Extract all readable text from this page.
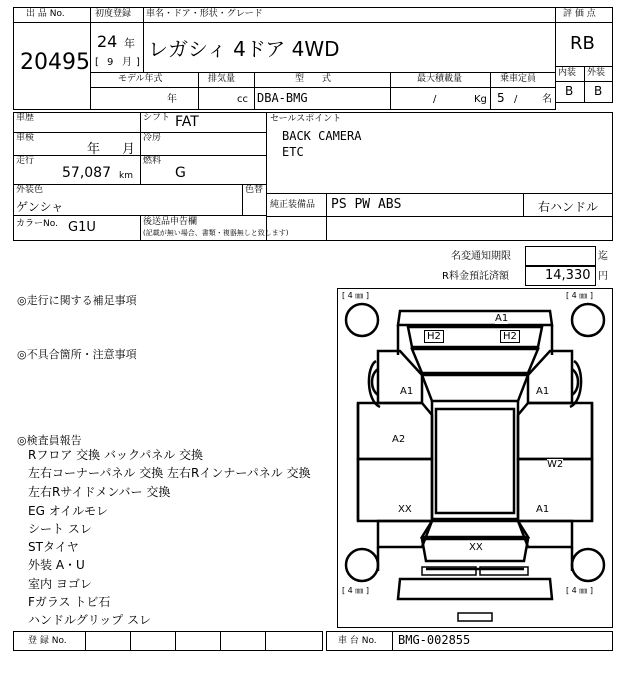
出 品 No.
20495
初度登録 車名・ドア・形状・グレード
24 年
[ 9 月 ]
レガシィ 4ドア 4WD
評 価 点
RB
内装 外装
B B
モデル年式	排気量	型　　式	最大積載量	乗車定員
年	cc DBA-BMG	/	Kg 5 / 名
車歴	シフト FAT
車検
年 月
冷房
走行
57,087 km
燃料
G
外装色
ゲンシャ
色替
カラーNo. G1U	後送品申告欄
(記載が無い場合、書類・複器無しと致します)
セールスポイント
BACK CAMERA
ETC
純正装備品 PS PW ABS	右ハンドル
名変通知期限	迄
R料金預託済額	14,330 円
◎走行に関する補足事項
◎不具合箇所・注意事項
◎検査員報告
Rフロア 交換 バックパネル 交換
左右コーナーパネル 交換 左右Rインナーパネル 交換
左右Rサイドメンバー 交換
EG オイルモレ
シート スレ
STタイヤ
外装 A・U
室内 ヨゴレ
Fガラス トビ石
ハンドルグリップ スレ
[ 4 ㎜ ]	[ 4 ㎜ ]
[ 4 ㎜ ]	[ 4 ㎜ ]
A1
H2	H2
A1	A1
A2
W2
XX	A1
XX
登 録 No.	車 台 No. BMG-002855
